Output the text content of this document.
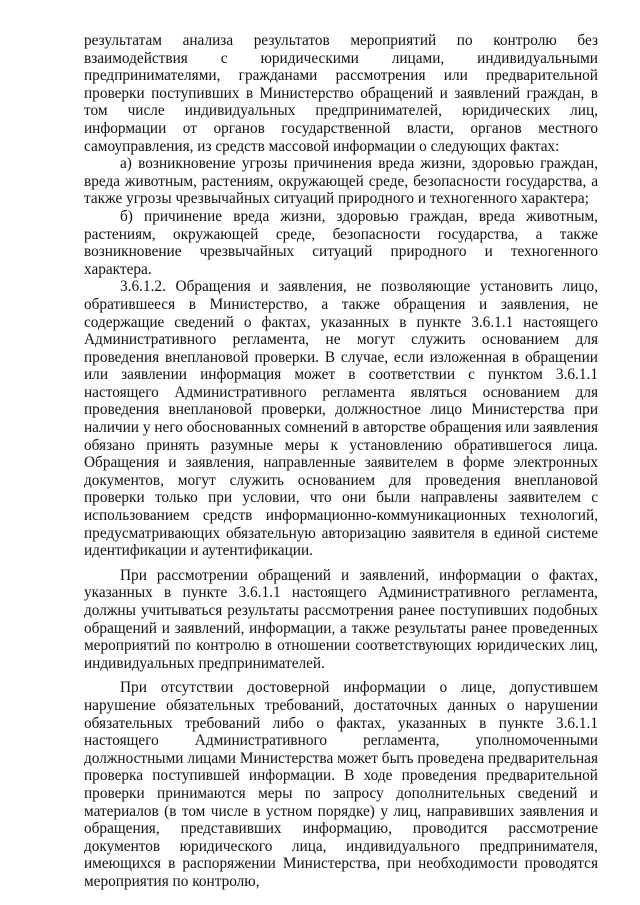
результатам анализа результатов мероприятий по контролю без взаимодействия с юридическими лицами, индивидуальными предпринимателями, гражданами рассмотрения или предварительной проверки поступивших в Министерство обращений и заявлений граждан, в том числе индивидуальных предпринимателей, юридических лиц, информации от органов государственной власти, органов местного самоуправления, из средств массовой информации о следующих фактах:

а) возникновение угрозы причинения вреда жизни, здоровью граждан, вреда животным, растениям, окружающей среде, безопасности государства, а также угрозы чрезвычайных ситуаций природного и техногенного характера;

б) причинение вреда жизни, здоровью граждан, вреда животным, растениям, окружающей среде, безопасности государства, а также возникновение чрезвычайных ситуаций природного и техногенного характера.

3.6.1.2. Обращения и заявления, не позволяющие установить лицо, обратившееся в Министерство, а также обращения и заявления, не содержащие сведений о фактах, указанных в пункте 3.6.1.1 настоящего Административного регламента, не могут служить основанием для проведения внеплановой проверки. В случае, если изложенная в обращении или заявлении информация может в соответствии с пунктом 3.6.1.1 настоящего Административного регламента являться основанием для проведения внеплановой проверки, должностное лицо Министерства при наличии у него обоснованных сомнений в авторстве обращения или заявления обязано принять разумные меры к установлению обратившегося лица. Обращения и заявления, направленные заявителем в форме электронных документов, могут служить основанием для проведения внеплановой проверки только при условии, что они были направлены заявителем с использованием средств информационно-коммуникационных технологий, предусматривающих обязательную авторизацию заявителя в единой системе идентификации и аутентификации.

При рассмотрении обращений и заявлений, информации о фактах, указанных в пункте 3.6.1.1 настоящего Административного регламента, должны учитываться результаты рассмотрения ранее поступивших подобных обращений и заявлений, информации, а также результаты ранее проведенных мероприятий по контролю в отношении соответствующих юридических лиц, индивидуальных предпринимателей.

При отсутствии достоверной информации о лице, допустившем нарушение обязательных требований, достаточных данных о нарушении обязательных требований либо о фактах, указанных в пункте 3.6.1.1 настоящего Административного регламента, уполномоченными должностными лицами Министерства может быть проведена предварительная проверка поступившей информации. В ходе проведения предварительной проверки принимаются меры по запросу дополнительных сведений и материалов (в том числе в устном порядке) у лиц, направивших заявления и обращения, представивших информацию, проводится рассмотрение документов юридического лица, индивидуального предпринимателя, имеющихся в распоряжении Министерства, при необходимости проводятся мероприятия по контролю,
